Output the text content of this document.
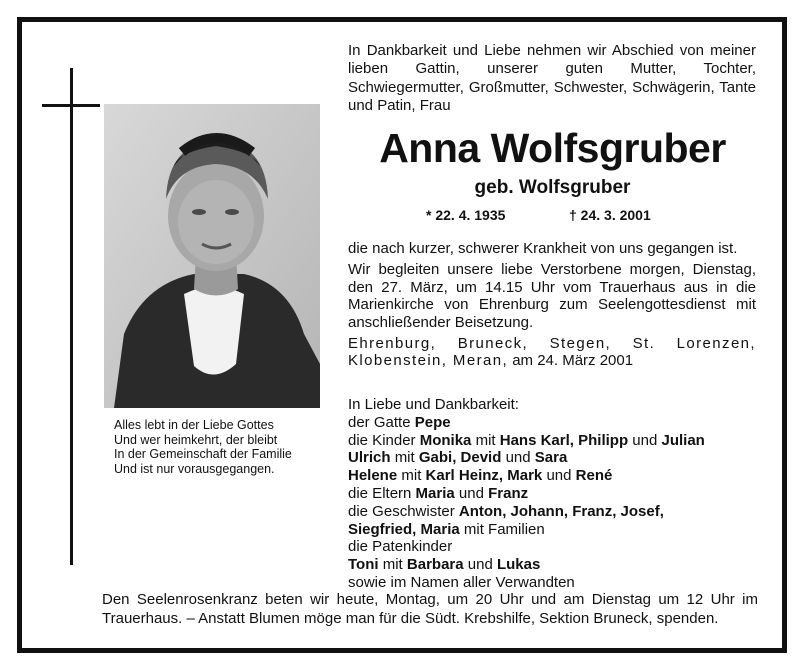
Alles lebt in der Liebe Gottes
Und wer heimkehrt, der bleibt
In der Gemeinschaft der Familie
Und ist nur vorausgegangen.
In Dankbarkeit und Liebe nehmen wir Abschied von meiner lieben Gattin, unserer guten Mutter, Tochter, Schwiegermutter, Großmutter, Schwester, Schwägerin, Tante und Patin, Frau
Anna Wolfsgruber
geb. Wolfsgruber
* 22. 4. 1935	† 24. 3. 2001

die nach kurzer, schwerer Krankheit von uns gegangen ist.

Wir begleiten unsere liebe Verstorbene morgen, Dienstag, den 27. März, um 14.15 Uhr vom Trauerhaus aus in die Marienkirche von Ehrenburg zum Seelengottesdienst mit anschließender Beisetzung.

Ehrenburg, Bruneck, Stegen, St. Lorenzen, Klobenstein, Meran, am 24. März 2001

In Liebe und Dankbarkeit:
der Gatte Pepe
die Kinder Monika mit Hans Karl, Philipp und Julian
Ulrich mit Gabi, Devid und Sara
Helene mit Karl Heinz, Mark und René
die Eltern Maria und Franz
die Geschwister Anton, Johann, Franz, Josef,
Siegfried, Maria mit Familien
die Patenkinder
Toni mit Barbara und Lukas
sowie im Namen aller Verwandten
Den Seelenrosenkranz beten wir heute, Montag, um 20 Uhr und am Dienstag um 12 Uhr im Trauerhaus. – Anstatt Blumen möge man für die Südt. Krebshilfe, Sektion Bruneck, spenden.
